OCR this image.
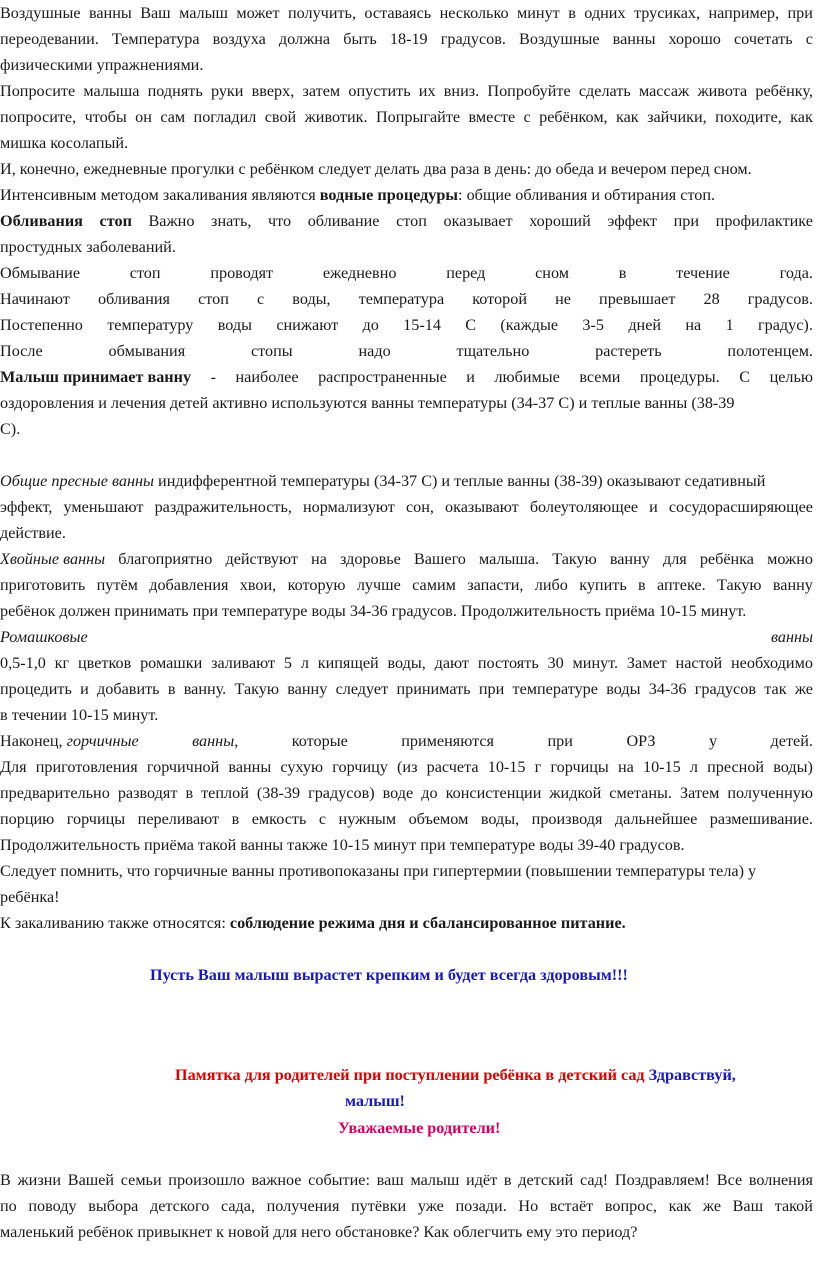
Воздушные ванны Ваш малыш может получить, оставаясь несколько минут в одних трусиках, например, при
переодевании. Температура воздуха должна быть 18-19 градусов. Воздушные ванны хорошо сочетать с
физическими упражнениями.
Попросите малыша поднять руки вверх, затем опустить их вниз. Попробуйте сделать массаж живота ребёнку,
попросите, чтобы он сам погладил свой животик. Попрыгайте вместе с ребёнком, как зайчики, походите, как
мишка косолапый.
И, конечно, ежедневные прогулки с ребёнком следует делать два раза в день: до обеда и вечером перед сном.
Интенсивным методом закаливания являются водные процедуры: общие обливания и обтирания стоп.
Обливания стоп Важно знать, что обливание стоп оказывает хороший эффект при профилактике
простудных заболеваний.
Обмывание	стоп	проводят	ежедневно	перед	сном	в	течение	года.
Начинают обливания стоп с воды, температура которой не превышает 28 градусов.
Постепенно температуру воды снижают до 15-14 С (каждые 3-5 дней на 1 градус).
После	обмывания	стопы	надо	тщательно	растереть	полотенцем.
Малыш принимает ванну - наиболее распространенные и любимые всеми процедуры. С целью
оздоровления и лечения детей активно используются ванны температуры (34-37 С) и теплые ванны (38-39
С).
Общие пресные ванны индифферентной температуры (34-37 С) и теплые ванны (38-39) оказывают седативный
эффект, уменьшают раздражительность, нормализуют сон, оказывают болеутоляющее и сосудорасширяющее
действие.
Хвойные ванны благоприятно действуют на здоровье Вашего малыша. Такую ванну для ребёнка можно
приготовить путём добавления хвои, которую лучше самим запасти, либо купить в аптеке. Такую ванну
ребёнок должен принимать при температуре воды 34-36 градусов. Продолжительность приёма 10-15 минут.
Ромашковые	ванны
0,5-1,0 кг цветков ромашки заливают 5 л кипящей воды, дают постоять 30 минут. Замет настой необходимо
процедить и добавить в ванну. Такую ванну следует принимать при температуре воды 34-36 градусов так же
в течении 10-15 минут.
Наконец, горчичные	ванны,	которые	применяются	при	ОРЗ	у	детей.
Для приготовления горчичной ванны сухую горчицу (из расчета 10-15 г горчицы на 10-15 л пресной воды)
предварительно разводят в теплой (38-39 градусов) воде до консистенции жидкой сметаны. Затем полученную
порцию горчицы переливают в емкость с нужным объемом воды, производя дальнейшее размешивание.
Продолжительность приёма такой ванны также 10-15 минут при температуре воды 39-40 градусов.
Следует помнить, что горчичные ванны противопоказаны при гипертермии (повышении температуры тела) у
ребёнка!
К закаливанию также относятся: соблюдение режима дня и сбалансированное питание.
Пусть Ваш малыш вырастет крепким и будет всегда здоровым!!!
Памятка для родителей при поступлении ребёнка в детский сад Здравствуй,
малыш!
Уважаемые родители!
В жизни Вашей семьи произошло важное событие: ваш малыш идёт в детский сад! Поздравляем! Все волнения
по поводу выбора детского сада, получения путёвки уже позади. Но встаёт вопрос, как же Ваш такой
маленький ребёнок привыкнет к новой для него обстановке? Как облегчить ему это период?
